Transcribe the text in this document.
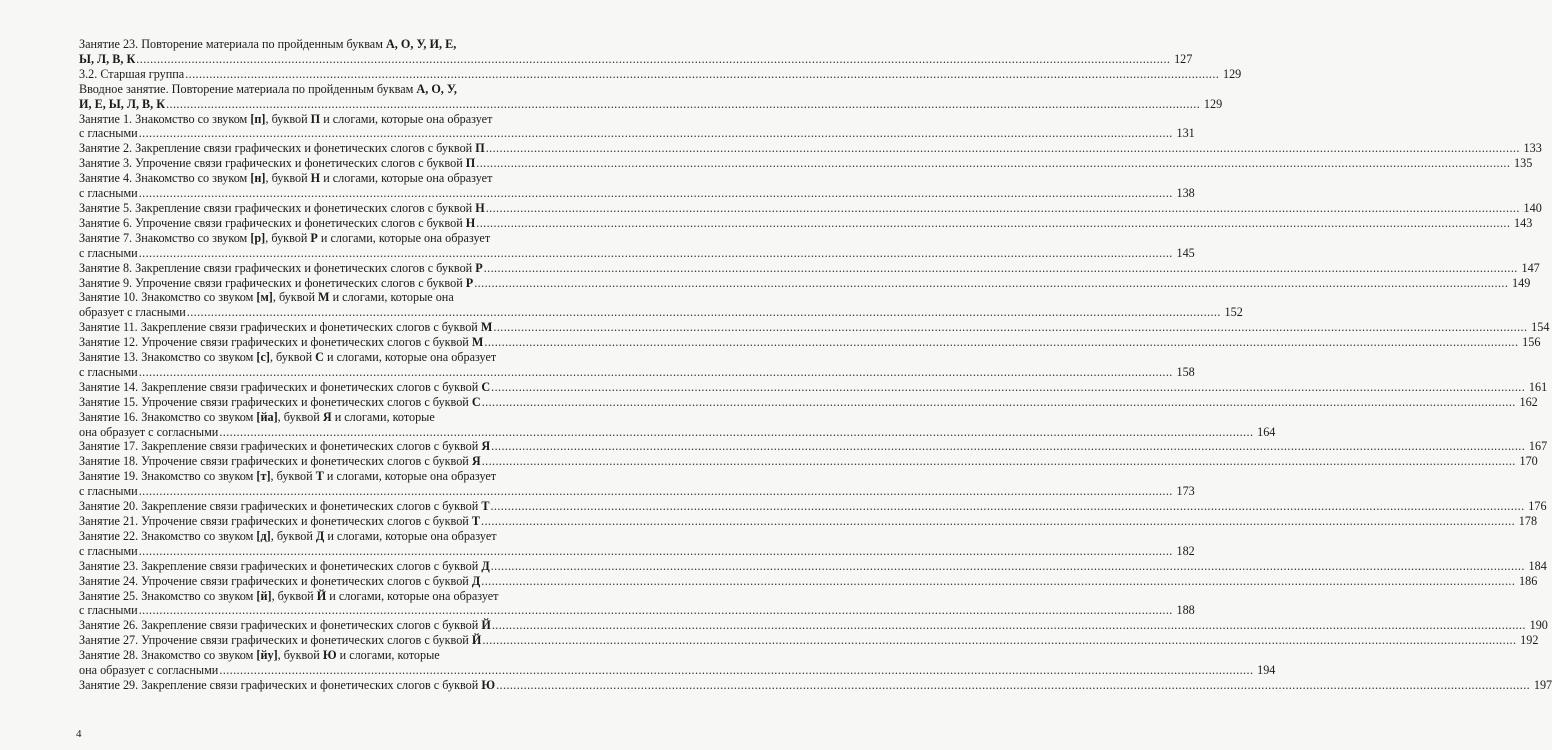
Занятие 23. Повторение материала по пройденным буквам А, О, У, И, Е,
Ы, Л, В, К ............................................................................................................................................................................................................................................................................................................ 127
3.2. Старшая группа ............................................................................................................................................................................................................................................................................................................ 129
Вводное занятие. Повторение материала по пройденным буквам А, О, У,
И, Е, Ы, Л, В, К ............................................................................................................................................................................................................................................................................................................ 129
Занятие 1. Знакомство со звуком [п], буквой П и слогами, которые она образует
с гласными ............................................................................................................................................................................................................................................................................................................ 131
Занятие 2. Закрепление связи графических и фонетических слогов с буквой П ............................................................................................................................................................................................................................................................................................................ 133
Занятие 3. Упрочение связи графических и фонетических слогов с буквой П ............................................................................................................................................................................................................................................................................................................ 135
Занятие 4. Знакомство со звуком [н], буквой Н и слогами, которые она образует
с гласными ............................................................................................................................................................................................................................................................................................................ 138
Занятие 5. Закрепление связи графических и фонетических слогов с буквой Н ............................................................................................................................................................................................................................................................................................................ 140
Занятие 6. Упрочение связи графических и фонетических слогов с буквой Н ............................................................................................................................................................................................................................................................................................................ 143
Занятие 7. Знакомство со звуком [р], буквой Р и слогами, которые она образует
с гласными ............................................................................................................................................................................................................................................................................................................ 145
Занятие 8. Закрепление связи графических и фонетических слогов с буквой Р ............................................................................................................................................................................................................................................................................................................ 147
Занятие 9. Упрочение связи графических и фонетических слогов с буквой Р ............................................................................................................................................................................................................................................................................................................ 149
Занятие 10. Знакомство со звуком [м], буквой М и слогами, которые она
образует с гласными ............................................................................................................................................................................................................................................................................................................ 152
Занятие 11. Закрепление связи графических и фонетических слогов с буквой М ............................................................................................................................................................................................................................................................................................................ 154
Занятие 12. Упрочение связи графических и фонетических слогов с буквой М ............................................................................................................................................................................................................................................................................................................ 156
Занятие 13. Знакомство со звуком [с], буквой С и слогами, которые она образует
с гласными ............................................................................................................................................................................................................................................................................................................ 158
Занятие 14. Закрепление связи графических и фонетических слогов с буквой С ............................................................................................................................................................................................................................................................................................................ 161
Занятие 15. Упрочение связи графических и фонетических слогов с буквой С ............................................................................................................................................................................................................................................................................................................ 162
Занятие 16. Знакомство со звуком [йа], буквой Я и слогами, которые
она образует с согласными ............................................................................................................................................................................................................................................................................................................ 164
Занятие 17. Закрепление связи графических и фонетических слогов с буквой Я ............................................................................................................................................................................................................................................................................................................ 167
Занятие 18. Упрочение связи графических и фонетических слогов с буквой Я ............................................................................................................................................................................................................................................................................................................ 170
Занятие 19. Знакомство со звуком [т], буквой Т и слогами, которые она образует
с гласными ............................................................................................................................................................................................................................................................................................................ 173
Занятие 20. Закрепление связи графических и фонетических слогов с буквой Т ............................................................................................................................................................................................................................................................................................................ 176
Занятие 21. Упрочение связи графических и фонетических слогов с буквой Т ............................................................................................................................................................................................................................................................................................................ 178
Занятие 22. Знакомство со звуком [д], буквой Д и слогами, которые она образует
с гласными ............................................................................................................................................................................................................................................................................................................ 182
Занятие 23. Закрепление связи графических и фонетических слогов с буквой Д ............................................................................................................................................................................................................................................................................................................ 184
Занятие 24. Упрочение связи графических и фонетических слогов с буквой Д ............................................................................................................................................................................................................................................................................................................ 186
Занятие 25. Знакомство со звуком [й], буквой Й и слогами, которые она образует
с гласными ............................................................................................................................................................................................................................................................................................................ 188
Занятие 26. Закрепление связи графических и фонетических слогов с буквой Й ............................................................................................................................................................................................................................................................................................................ 190
Занятие 27. Упрочение связи графических и фонетических слогов с буквой Й ............................................................................................................................................................................................................................................................................................................ 192
Занятие 28. Знакомство со звуком [йу], буквой Ю и слогами, которые
она образует с согласными ............................................................................................................................................................................................................................................................................................................ 194
Занятие 29. Закрепление связи графических и фонетических слогов с буквой Ю ............................................................................................................................................................................................................................................................................................................ 197
4
